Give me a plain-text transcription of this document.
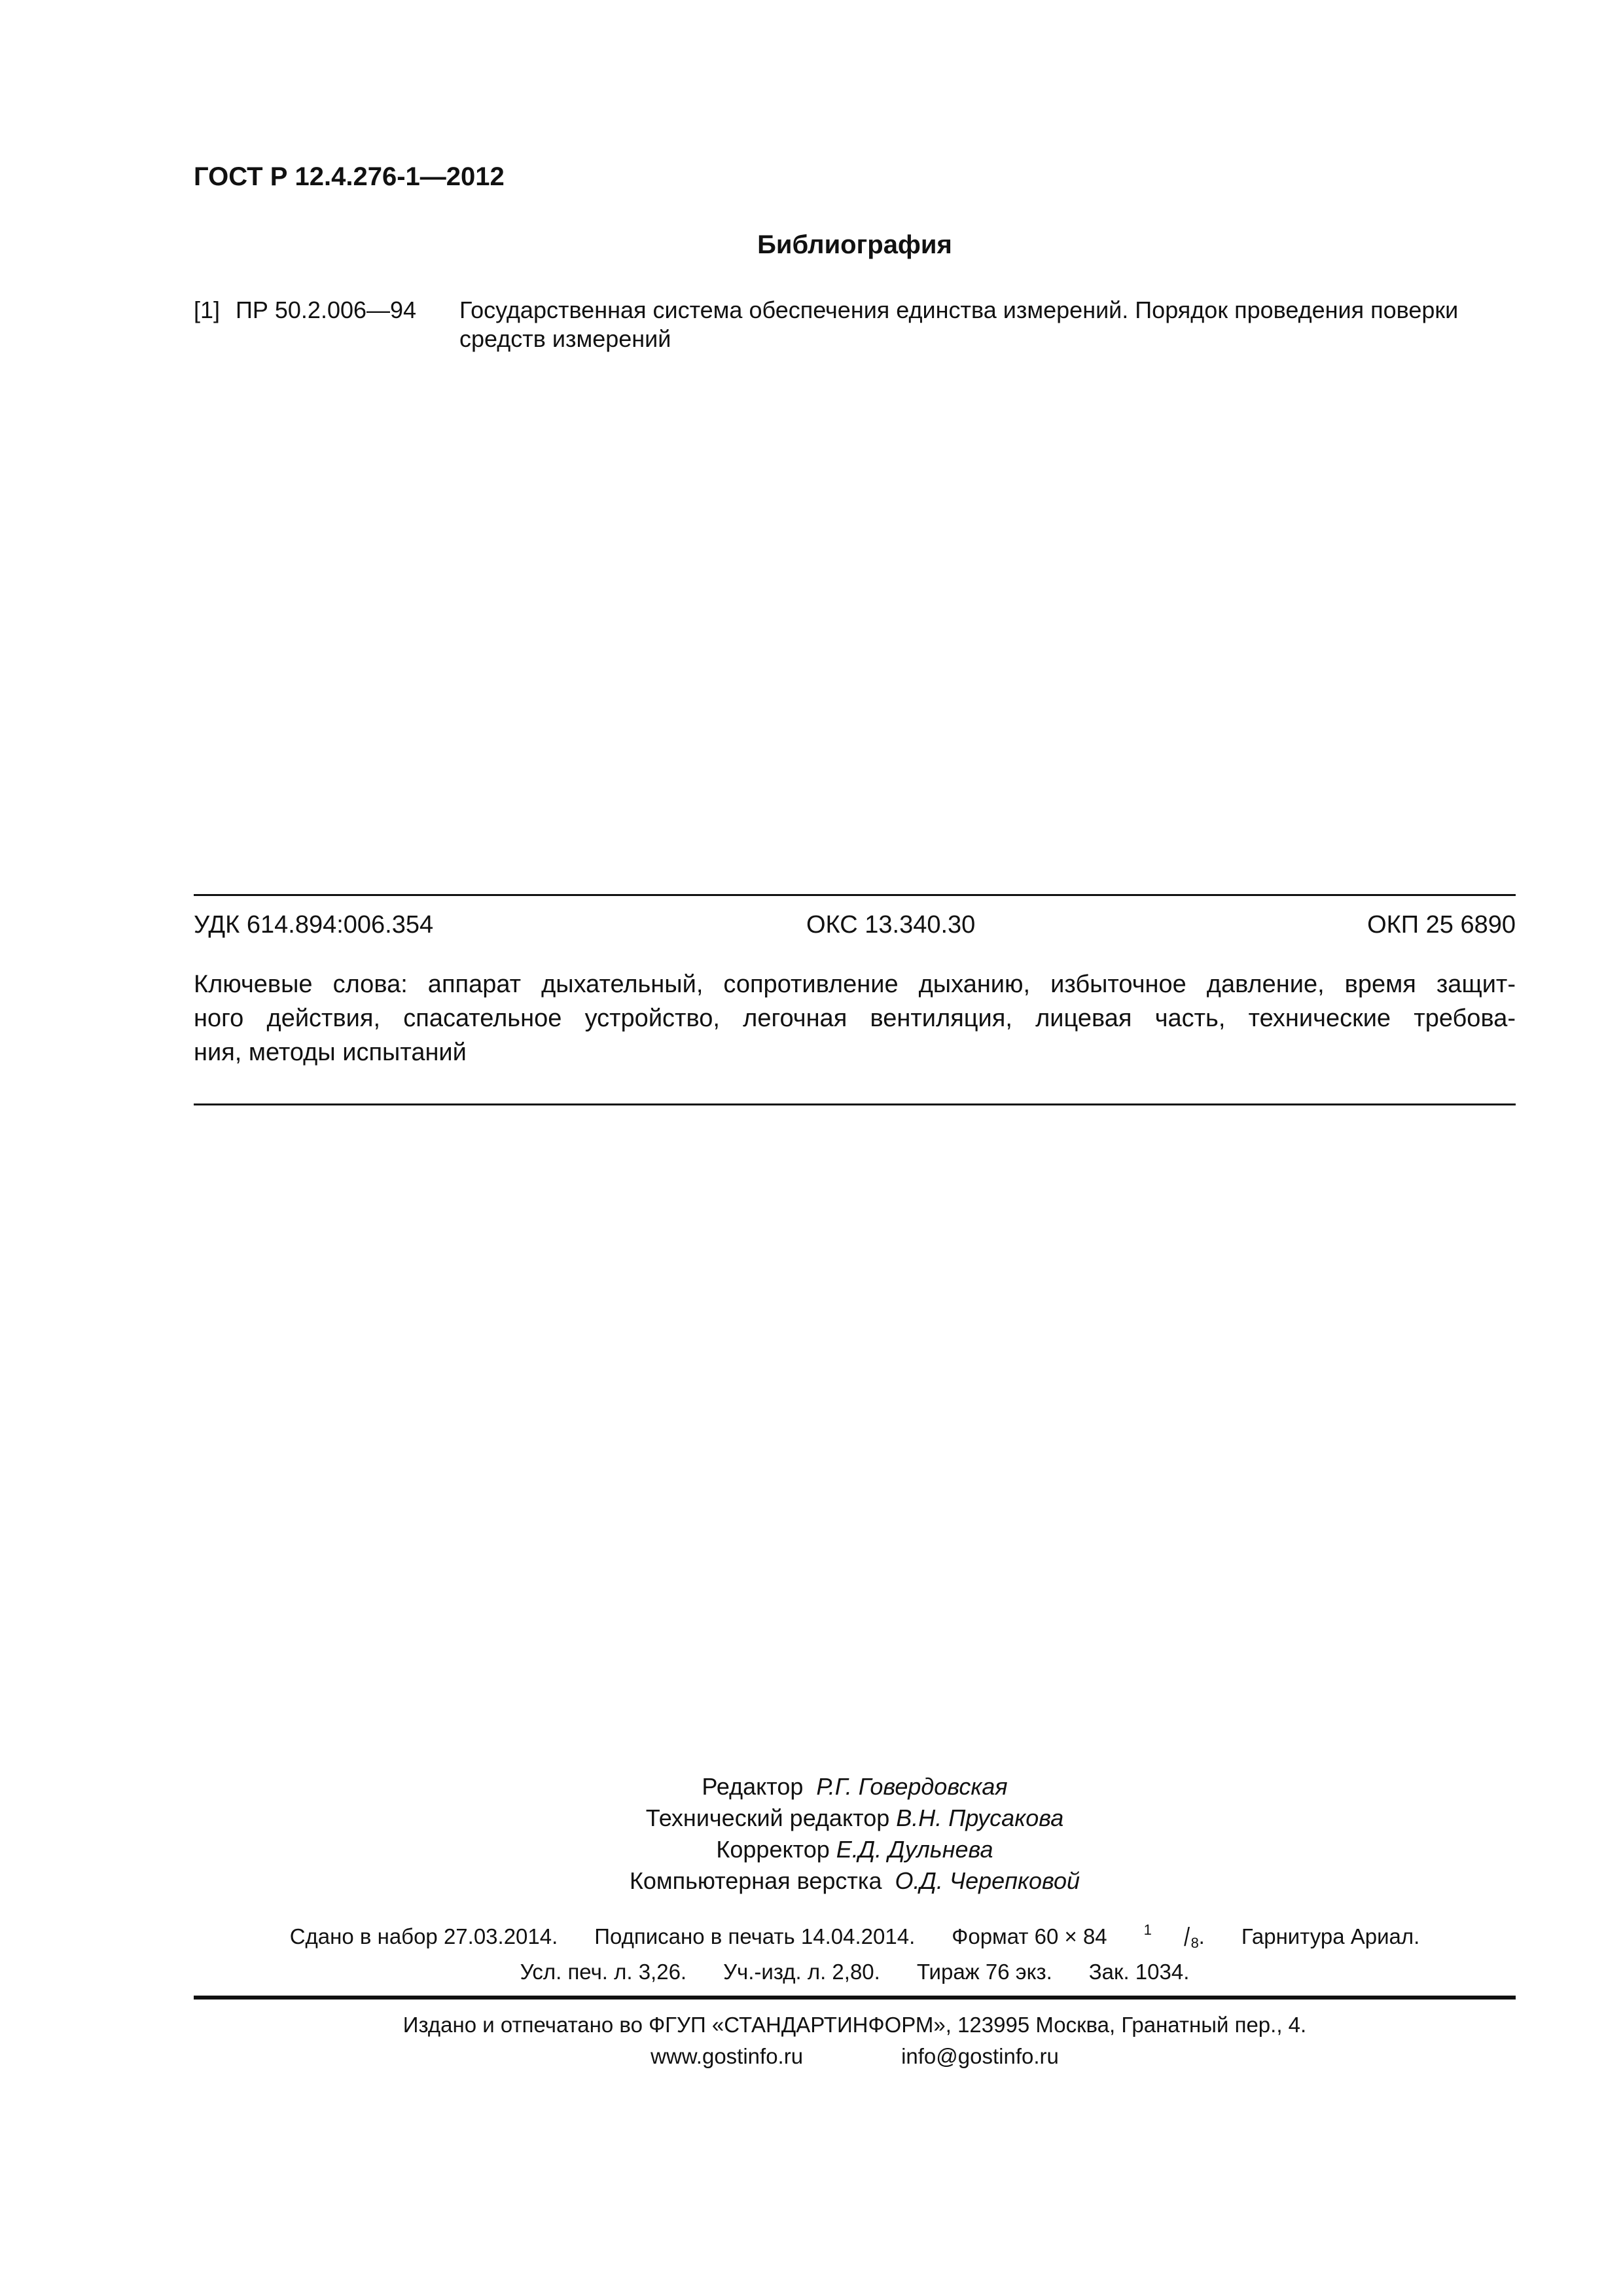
ГОСТ Р 12.4.276-1—2012
Библиография
[1] ПР 50.2.006—94 Государственная система обеспечения единства измерений. Порядок проведения поверки средств измерений
УДК 614.894:006.354	ОКС 13.340.30	ОКП 25 6890
Ключевые слова: аппарат дыхательный, сопротивление дыханию, избыточное давление, время защит-
ного действия, спасательное устройство, легочная вентиляция, лицевая часть, технические требова-
ния, методы испытаний
Редактор Р.Г. Говердовская
Технический редактор В.Н. Прусакова
Корректор Е.Д. Дульнева
Компьютерная верстка О.Д. Черепковой
Сдано в набор 27.03.2014. Подписано в печать 14.04.2014. Формат 60 × 84	1 / 8 . Гарнитура Ариал.
Усл. печ. л. 3,26. Уч.-изд. л. 2,80. Тираж 76 экз. Зак. 1034.
Издано и отпечатано во ФГУП «СТАНДАРТИНФОРМ», 123995 Москва, Гранатный пер., 4.
www.gostinfo.ru	info@gostinfo.ru
